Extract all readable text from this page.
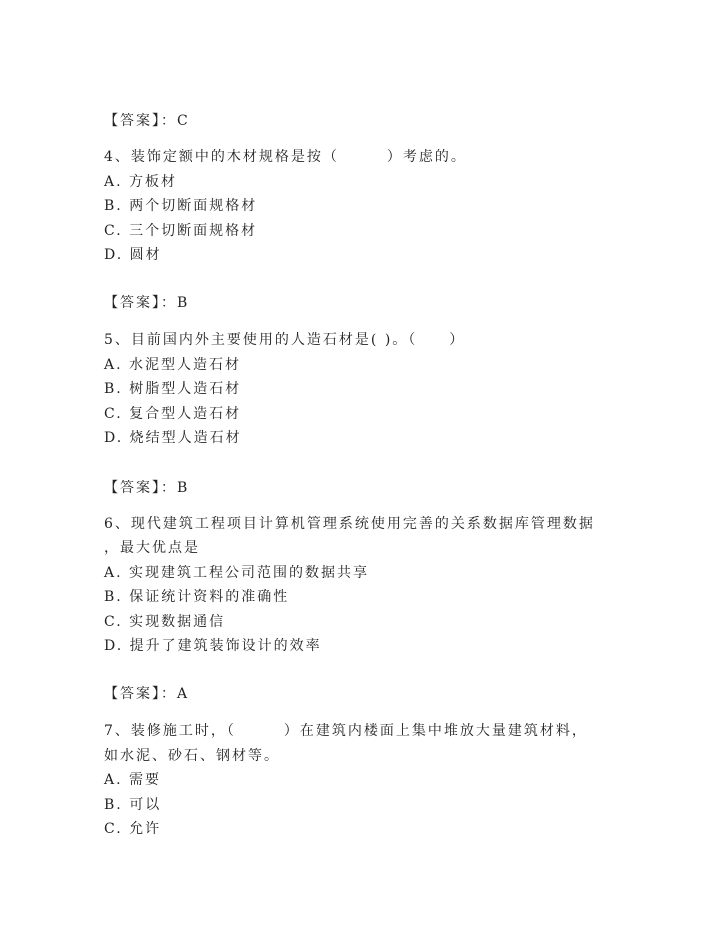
【答案】：C
4、装饰定额中的木材规格是按（　　　）考虑的。
A. 方板材
B. 两个切断面规格材
C. 三个切断面规格材
D. 圆材
【答案】：B
5、目前国内外主要使用的人造石材是( )。（　　）
A. 水泥型人造石材
B. 树脂型人造石材
C. 复合型人造石材
D. 烧结型人造石材
【答案】：B
6、现代建筑工程项目计算机管理系统使用完善的关系数据库管理数据
，最大优点是
A. 实现建筑工程公司范围的数据共享
B. 保证统计资料的准确性
C. 实现数据通信
D. 提升了建筑装饰设计的效率
【答案】：A
7、装修施工时，（　　　）在建筑内楼面上集中堆放大量建筑材料，
如水泥、砂石、钢材等。
A. 需要
B. 可以
C. 允许
